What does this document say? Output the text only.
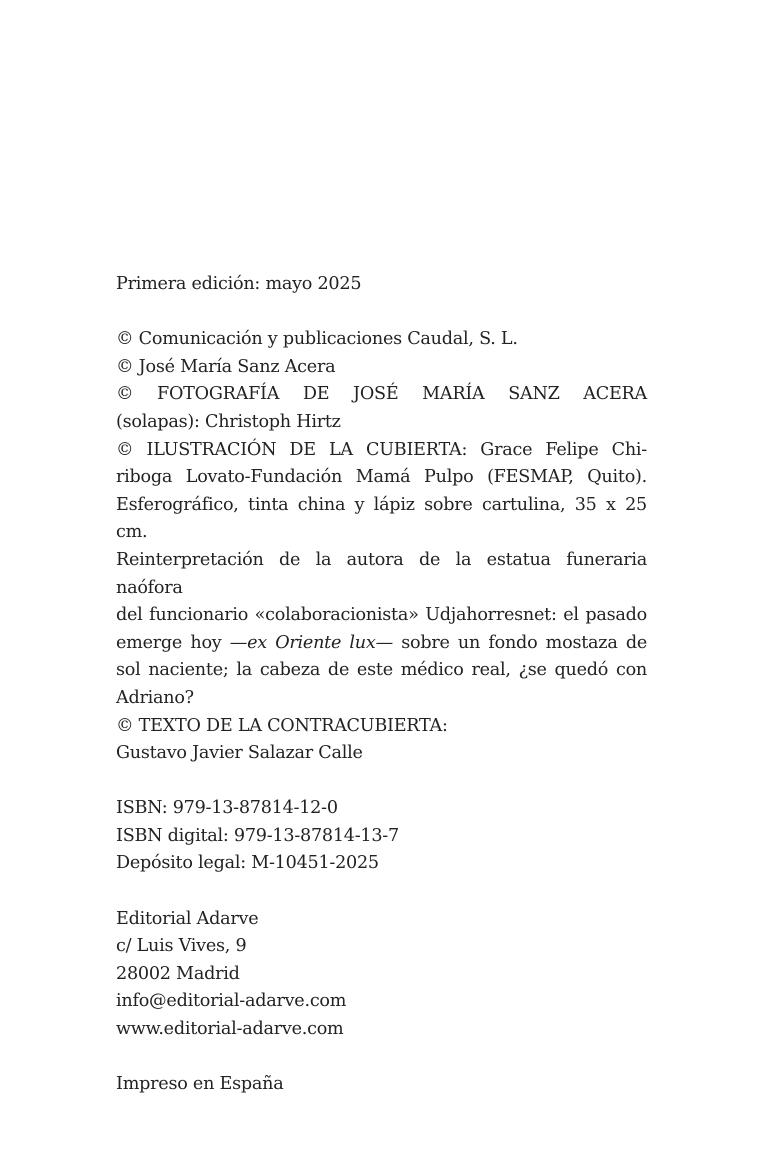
Primera edición: mayo 2025
© Comunicación y publicaciones Caudal, S. L.
© José María Sanz Acera
© FOTOGRAFÍA DE JOSÉ MARÍA SANZ ACERA
(solapas): Christoph Hirtz
© ILUSTRACIÓN DE LA CUBIERTA: Grace Felipe Chi-
riboga Lovato-Fundación Mamá Pulpo (FESMAP, Quito).
Esferográfico, tinta china y lápiz sobre cartulina, 35 x 25 cm.
Reinterpretación de la autora de la estatua funeraria naófora
del funcionario «colaboracionista» Udjahorresnet: el pasado
emerge hoy —ex Oriente lux— sobre un fondo mostaza de
sol naciente; la cabeza de este médico real, ¿se quedó con
Adriano?
© TEXTO DE LA CONTRACUBIERTA:
Gustavo Javier Salazar Calle
ISBN: 979-13-87814-12-0
ISBN digital: 979-13-87814-13-7
Depósito legal: M-10451-2025
Editorial Adarve
c/ Luis Vives, 9
28002 Madrid
info@editorial-adarve.com
www.editorial-adarve.com
Impreso en España
